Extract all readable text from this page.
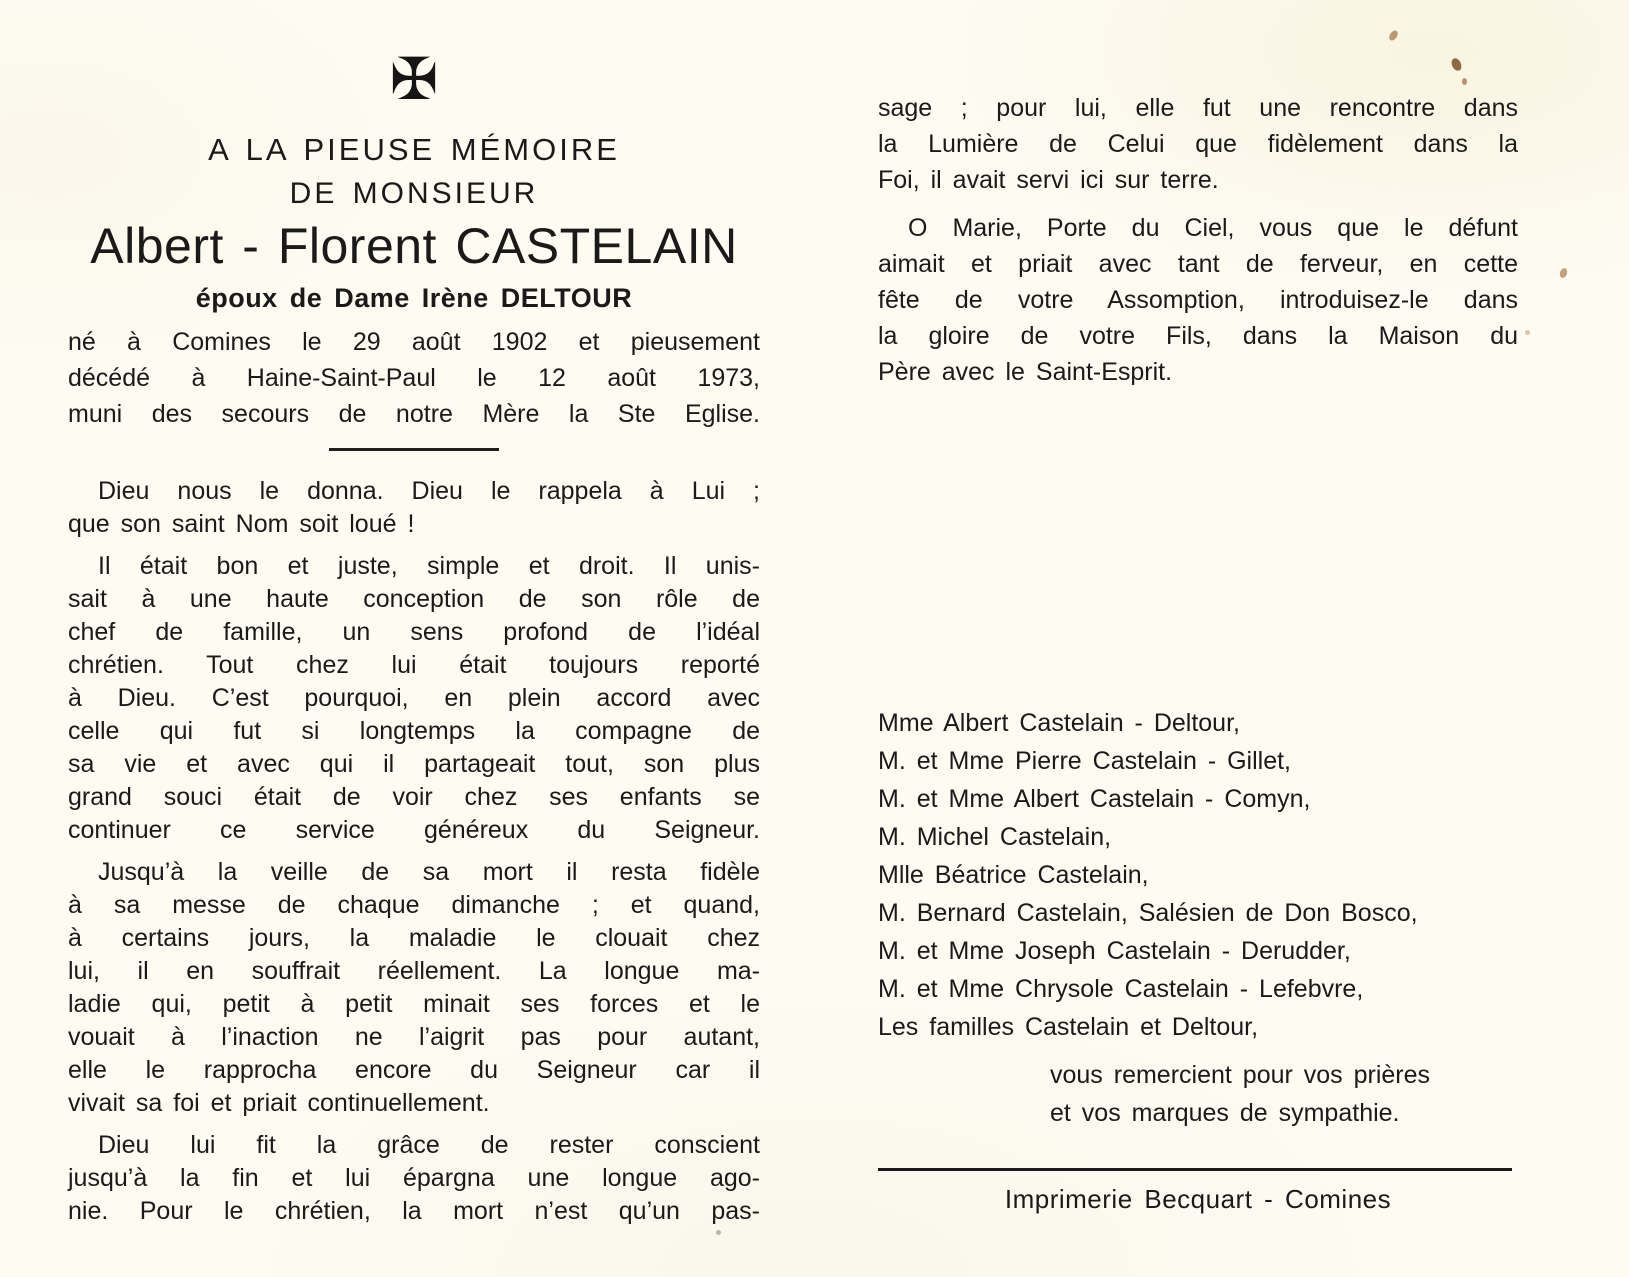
✠
A LA PIEUSE MÉMOIRE
DE MONSIEUR
Albert - Florent CASTELAIN
époux de Dame Irène DELTOUR
né à Comines le 29 août 1902 et pieusement
décédé à Haine-Saint-Paul le 12 août 1973,
muni des secours de notre Mère la Ste Eglise.
Dieu nous le donna. Dieu le rappela à Lui ;
que son saint Nom soit loué !
Il était bon et juste, simple et droit. Il unis-
sait à une haute conception de son rôle de
chef de famille, un sens profond de l’idéal
chrétien. Tout chez lui était toujours reporté
à Dieu. C’est pourquoi, en plein accord avec
celle qui fut si longtemps la compagne de
sa vie et avec qui il partageait tout, son plus
grand souci était de voir chez ses enfants se
continuer ce service généreux du Seigneur.
Jusqu’à la veille de sa mort il resta fidèle
à sa messe de chaque dimanche ; et quand,
à certains jours, la maladie le clouait chez
lui, il en souffrait réellement. La longue ma-
ladie qui, petit à petit minait ses forces et le
vouait à l’inaction ne l’aigrit pas pour autant,
elle le rapprocha encore du Seigneur car il
vivait sa foi et priait continuellement.
Dieu lui fit la grâce de rester conscient
jusqu’à la fin et lui épargna une longue ago-
nie. Pour le chrétien, la mort n’est qu’un pas-
sage ; pour lui, elle fut une rencontre dans
la Lumière de Celui que fidèlement dans la
Foi, il avait servi ici sur terre.
O Marie, Porte du Ciel, vous que le défunt
aimait et priait avec tant de ferveur, en cette
fête de votre Assomption, introduisez-le dans
la gloire de votre Fils, dans la Maison du
Père avec le Saint-Esprit.
Mme Albert Castelain - Deltour,
M. et Mme Pierre Castelain - Gillet,
M. et Mme Albert Castelain - Comyn,
M. Michel Castelain,
Mlle Béatrice Castelain,
M. Bernard Castelain, Salésien de Don Bosco,
M. et Mme Joseph Castelain - Derudder,
M. et Mme Chrysole Castelain - Lefebvre,
Les familles Castelain et Deltour,
vous remercient pour vos prières
et vos marques de sympathie.
Imprimerie Becquart - Comines
